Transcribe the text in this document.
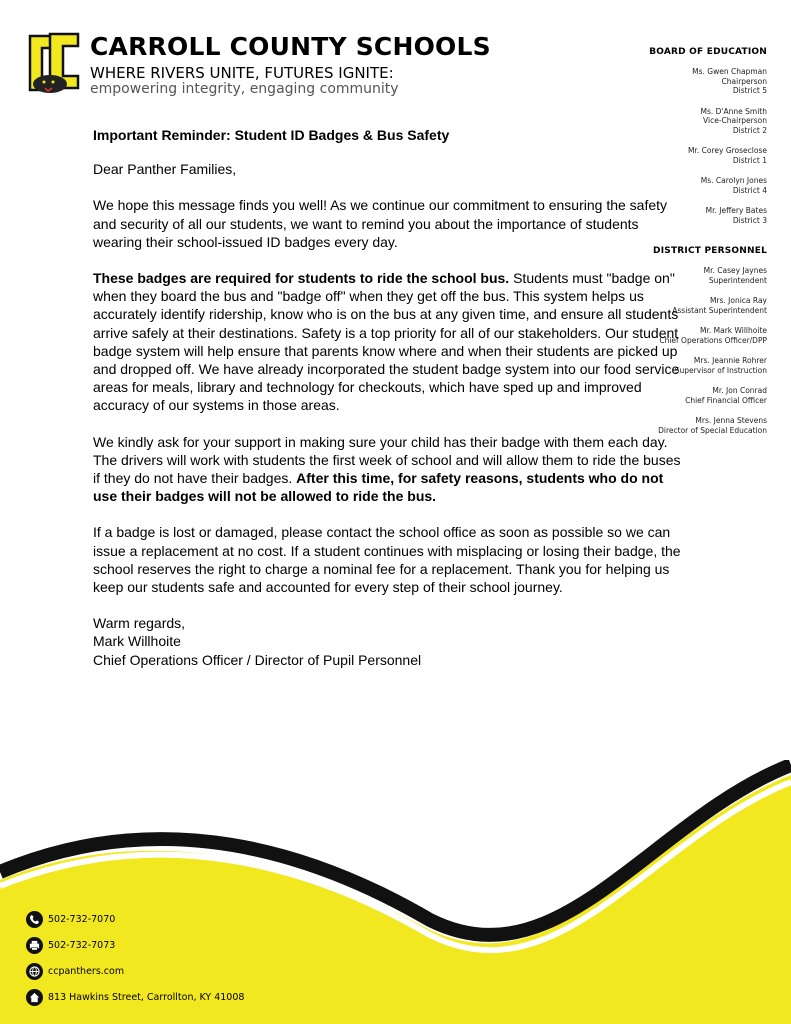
CARROLL COUNTY SCHOOLS
WHERE RIVERS UNITE, FUTURES IGNITE:
empowering integrity, engaging community
BOARD OF EDUCATION
Ms. Gwen Chapman
Chairperson
District 5
Ms. D'Anne Smith
Vice-Chairperson
District 2
Mr. Corey Groseclose
District 1
Ms. Carolyn Jones
District 4
Mr. Jeffery Bates
District 3
DISTRICT PERSONNEL
Mr. Casey Jaynes
Superintendent
Mrs. Jonica Ray
Assistant Superintendent
Mr. Mark Willhoite
Chief Operations Officer/DPP
Mrs. Jeannie Rohrer
Supervisor of Instruction
Mr. Jon Conrad
Chief Financial Officer
Mrs. Jenna Stevens
Director of Special Education

Important Reminder: Student ID Badges & Bus Safety

Dear Panther Families,

We hope this message finds you well! As we continue our commitment to ensuring the safety and security of all our students, we want to remind you about the importance of students wearing their school-issued ID badges every day.

These badges are required for students to ride the school bus. Students must "badge on" when they board the bus and "badge off" when they get off the bus. This system helps us accurately identify ridership, know who is on the bus at any given time, and ensure all students arrive safely at their destinations. Safety is a top priority for all of our stakeholders. Our student badge system will help ensure that parents know where and when their students are picked up and dropped off. We have already incorporated the student badge system into our food service areas for meals, library and technology for checkouts, which have sped up and improved accuracy of our systems in those areas.

We kindly ask for your support in making sure your child has their badge with them each day. The drivers will work with students the first week of school and will allow them to ride the buses if they do not have their badges. After this time, for safety reasons, students who do not use their badges will not be allowed to ride the bus.

If a badge is lost or damaged, please contact the school office as soon as possible so we can issue a replacement at no cost. If a student continues with misplacing or losing their badge, the school reserves the right to charge a nominal fee for a replacement. Thank you for helping us keep our students safe and accounted for every step of their school journey.

Warm regards,

Mark Willhoite

Chief Operations Officer / Director of Pupil Personnel

502-732-7070
502-732-7073
ccpanthers.com
813 Hawkins Street, Carrollton, KY 41008
